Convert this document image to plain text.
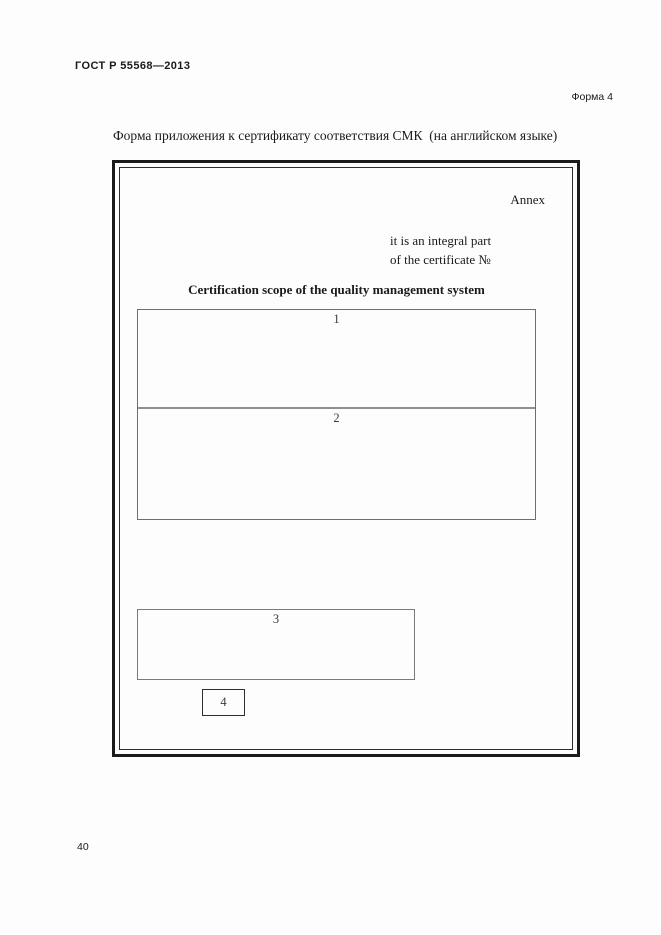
ГОСТ Р 55568—2013
Форма 4
Форма приложения к сертификату соответствия СМК  (на английском языке)
Annex
it is an integral part
of the certificate №
Certification scope of the quality management system
1
2
3
4
40
